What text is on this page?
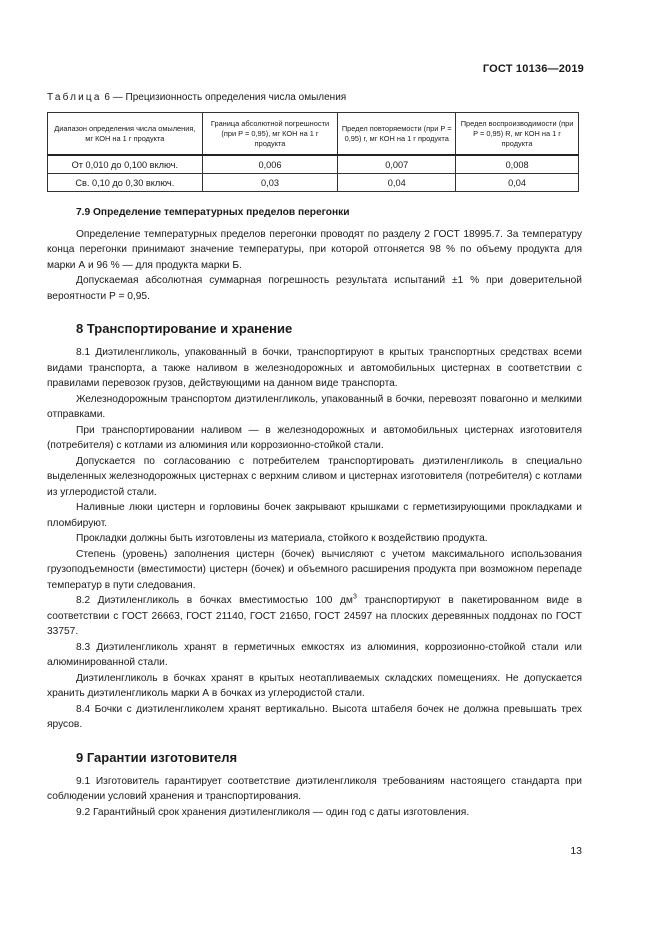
ГОСТ 10136—2019
Таблица 6 — Прецизионность определения числа омыления
Диапазон определения числа омыления, мг КОН на 1 г продукта	Граница абсолютной погрешности (при P = 0,95), мг КОН на 1 г продукта	Предел повторяемости (при P = 0,95) r, мг КОН на 1 г продукта	Предел воспроизводимости (при P = 0,95) R, мг КОН на 1 г продукта
От 0,010 до 0,100 включ.	0,006	0,007	0,008
Св. 0,10 до 0,30 включ.	0,03	0,04	0,04
7.9 Определение температурных пределов перегонки

Определение температурных пределов перегонки проводят по разделу 2 ГОСТ 18995.7. За температуру конца перегонки принимают значение температуры, при которой отгоняется 98 % по объему продукта для марки А и 96 % — для продукта марки Б.

Допускаемая абсолютная суммарная погрешность результата испытаний ±1 % при доверительной вероятности P = 0,95.

8 Транспортирование и хранение

8.1 Диэтиленгликоль, упакованный в бочки, транспортируют в крытых транспортных средствах всеми видами транспорта, а также наливом в железнодорожных и автомобильных цистернах в соответствии с правилами перевозок грузов, действующими на данном виде транспорта.

Железнодорожным транспортом диэтиленгликоль, упакованный в бочки, перевозят повагонно и мелкими отправками.

При транспортировании наливом — в железнодорожных и автомобильных цистернах изготовителя (потребителя) с котлами из алюминия или коррозионно-стойкой стали.

Допускается по согласованию с потребителем транспортировать диэтиленгликоль в специально выделенных железнодорожных цистернах с верхним сливом и цистернах изготовителя (потребителя) с котлами из углеродистой стали.

Наливные люки цистерн и горловины бочек закрывают крышками с герметизирующими прокладками и пломбируют.

Прокладки должны быть изготовлены из материала, стойкого к воздействию продукта.

Степень (уровень) заполнения цистерн (бочек) вычисляют с учетом максимального использования грузоподъемности (вместимости) цистерн (бочек) и объемного расширения продукта при возможном перепаде температур в пути следования.

8.2 Диэтиленгликоль в бочках вместимостью 100 $дм^3$ транспортируют в пакетированном виде в соответствии с ГОСТ 26663, ГОСТ 21140, ГОСТ 21650, ГОСТ 24597 на плоских деревянных поддонах по ГОСТ 33757.

8.3 Диэтиленгликоль хранят в герметичных емкостях из алюминия, коррозионно-стойкой стали или алюминированной стали.

Диэтиленгликоль в бочках хранят в крытых неотапливаемых складских помещениях. Не допускается хранить диэтиленгликоль марки А в бочках из углеродистой стали.

8.4 Бочки с диэтиленгликолем хранят вертикально. Высота штабеля бочек не должна превышать трех ярусов.

9 Гарантии изготовителя

9.1 Изготовитель гарантирует соответствие диэтиленгликоля требованиям настоящего стандарта при соблюдении условий хранения и транспортирования.

9.2 Гарантийный срок хранения диэтиленгликоля — один год с даты изготовления.

13
